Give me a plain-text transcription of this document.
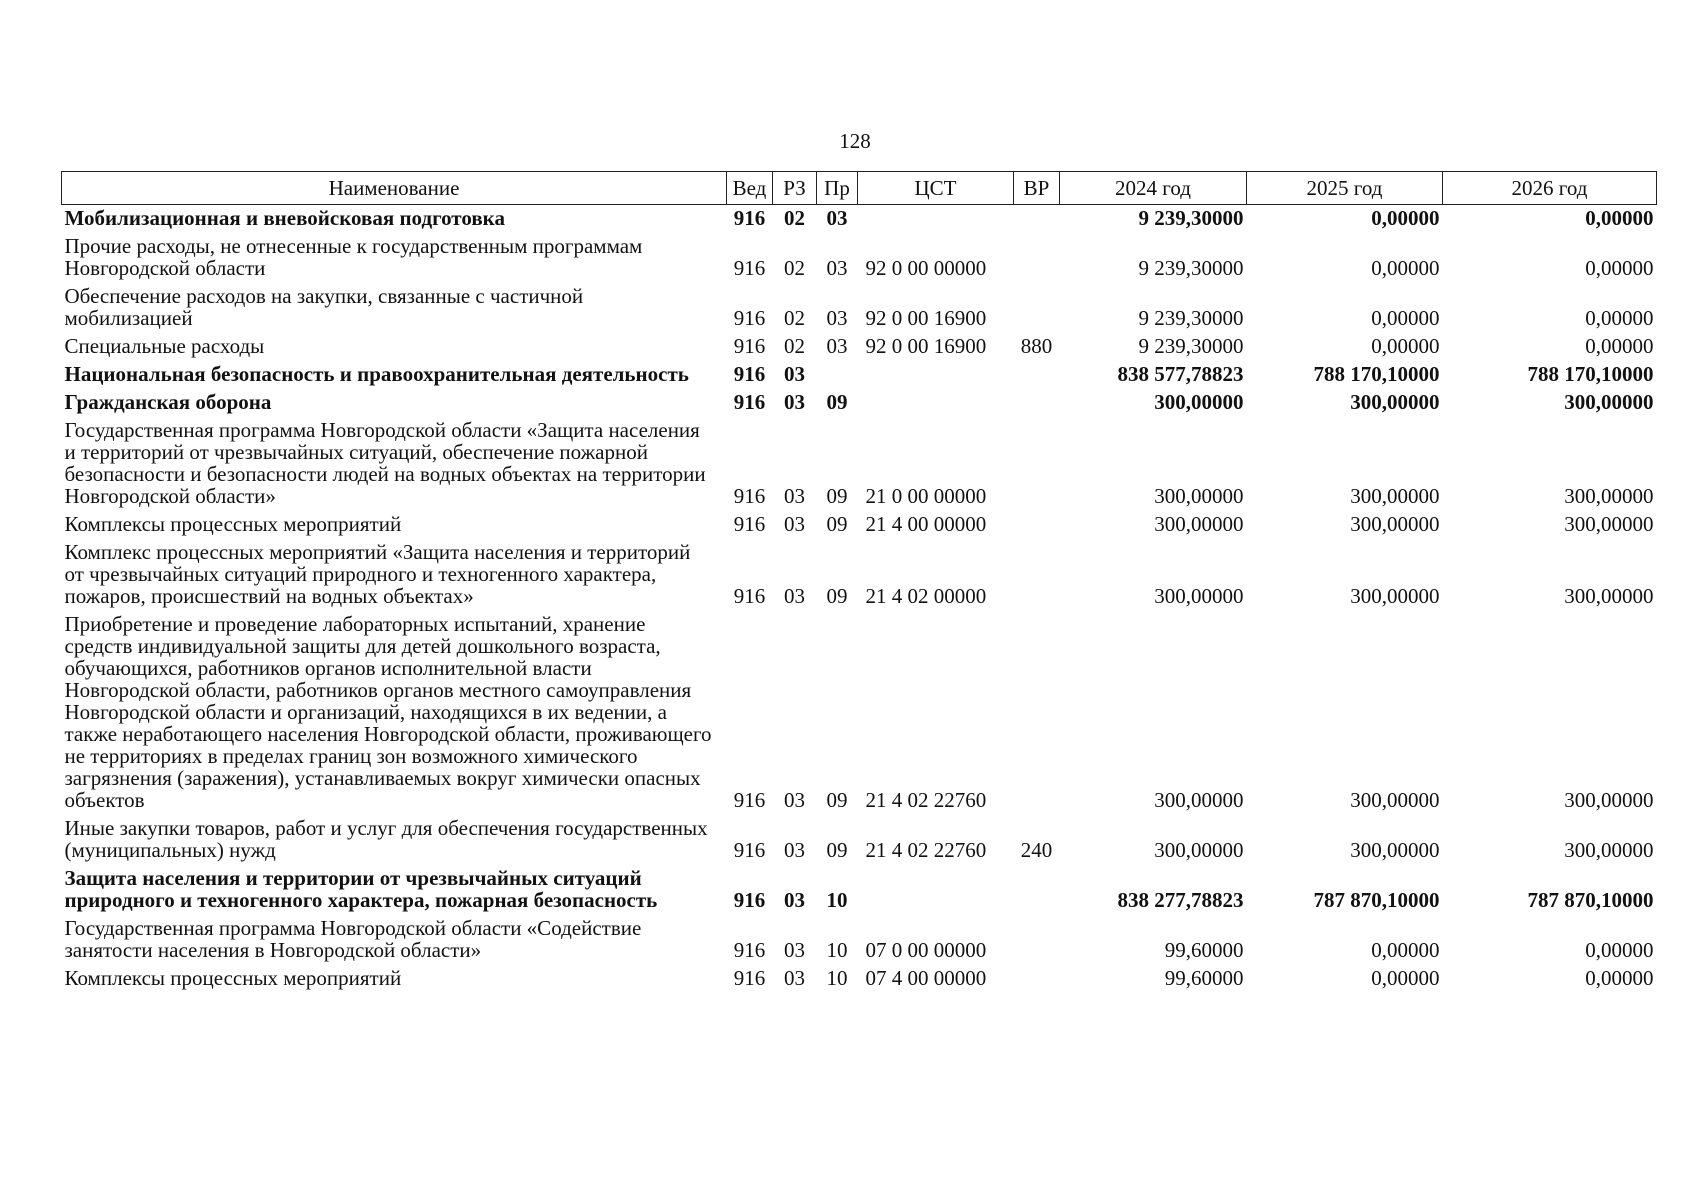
128
Наименование	Вед	РЗ	Пр	ЦСТ	ВР	2024 год	2025 год	2026 год
Мобилизационная и вневойсковая подготовка	916	02	03			9 239,30000	0,00000	0,00000
Прочие расходы, не отнесенные к государственным программам Новгородской области	916	02	03	92 0 00 00000		9 239,30000	0,00000	0,00000
Обеспечение расходов на закупки, связанные с частичной мобилизацией	916	02	03	92 0 00 16900		9 239,30000	0,00000	0,00000
Специальные расходы	916	02	03	92 0 00 16900	880	9 239,30000	0,00000	0,00000
Национальная безопасность и правоохранительная деятельность	916	03				838 577,78823	788 170,10000	788 170,10000
Гражданская оборона	916	03	09			300,00000	300,00000	300,00000
Государственная программа Новгородской области «Защита населения и территорий от чрезвычайных ситуаций, обеспечение пожарной безопасности и безопасности людей на водных объектах на территории Новгородской области»	916	03	09	21 0 00 00000		300,00000	300,00000	300,00000
Комплексы процессных мероприятий	916	03	09	21 4 00 00000		300,00000	300,00000	300,00000
Комплекс процессных мероприятий «Защита населения и территорий от чрезвычайных ситуаций природного и техногенного характера, пожаров, происшествий на водных объектах»	916	03	09	21 4 02 00000		300,00000	300,00000	300,00000
Приобретение и проведение лабораторных испытаний, хранение средств индивидуальной защиты для детей дошкольного возраста, обучающихся, работников органов исполнительной власти Новгородской области, работников органов местного самоуправления Новгородской области и организаций, находящихся в их ведении, а также неработающего населения Новгородской области, проживающего не территориях в пределах границ зон возможного химического загрязнения (заражения), устанавливаемых вокруг химически опасных объектов	916	03	09	21 4 02 22760		300,00000	300,00000	300,00000
Иные закупки товаров, работ и услуг для обеспечения государственных (муниципальных) нужд	916	03	09	21 4 02 22760	240	300,00000	300,00000	300,00000
Защита населения и территории от чрезвычайных ситуаций природного и техногенного характера, пожарная безопасность	916	03	10			838 277,78823	787 870,10000	787 870,10000
Государственная программа Новгородской области «Содействие занятости населения в Новгородской области»	916	03	10	07 0 00 00000		99,60000	0,00000	0,00000
Комплексы процессных мероприятий	916	03	10	07 4 00 00000		99,60000	0,00000	0,00000
